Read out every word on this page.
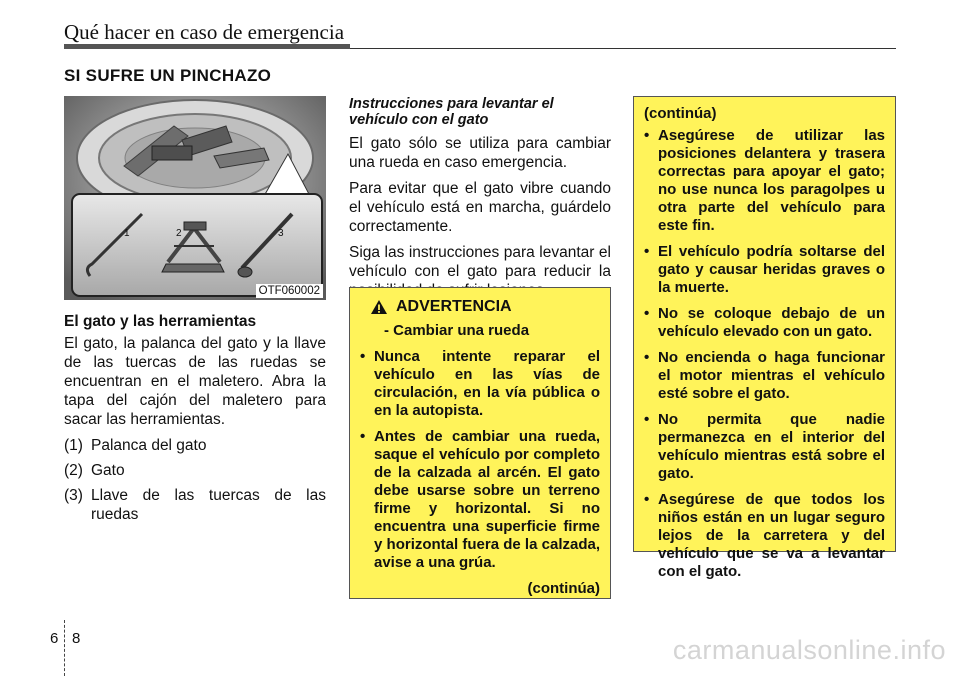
Qué hacer en caso de emergencia
SI SUFRE UN PINCHAZO
1	2	3
OTF060002

El gato y las herramientas

El gato, la palanca del gato y la llave de las tuercas de las ruedas se encuentran en el maletero. Abra la tapa del cajón del maletero para sacar las herramientas.

(1) Palanca del gato
(2) Gato
(3) Llave de las tuercas de las ruedas

Instrucciones para levantar el vehículo con el gato

El gato sólo se utiliza para cambiar una rueda en caso emergencia.

Para evitar que el gato vibre cuando el vehículo está en marcha, guárdelo correctamente.

Siga las instrucciones para levantar el vehículo con el gato para reducir la

ADVERTENCIA
- Cambiar una rueda
• Nunca intente reparar el vehículo en las vías de circulación, en la vía pública o en la autopista.
• Antes de cambiar una rueda, saque el vehículo por completo de la calzada al arcén. El gato debe usarse sobre un terreno firme y horizontal. Si no encuentra una superficie firme y horizontal fuera de la calzada, avise a una grúa.
(continúa)
(continúa)
• Asegúrese de utilizar las posiciones delantera y trasera correctas para apoyar el gato; no use nunca los paragolpes u otra parte del vehículo para este fin.
• El vehículo podría soltarse del gato y causar heridas graves o la muerte.
• No se coloque debajo de un vehículo elevado con un gato.
• No encienda o haga funcionar el motor mientras el vehículo esté sobre el gato.
• No permita que nadie permanezca en el interior del vehículo mientras está sobre el gato.
• Asegúrese de que todos los niños están en un lugar seguro lejos de la carretera y del vehículo que se va a levantar con el gato.
6 8	carmanualsonline.info
